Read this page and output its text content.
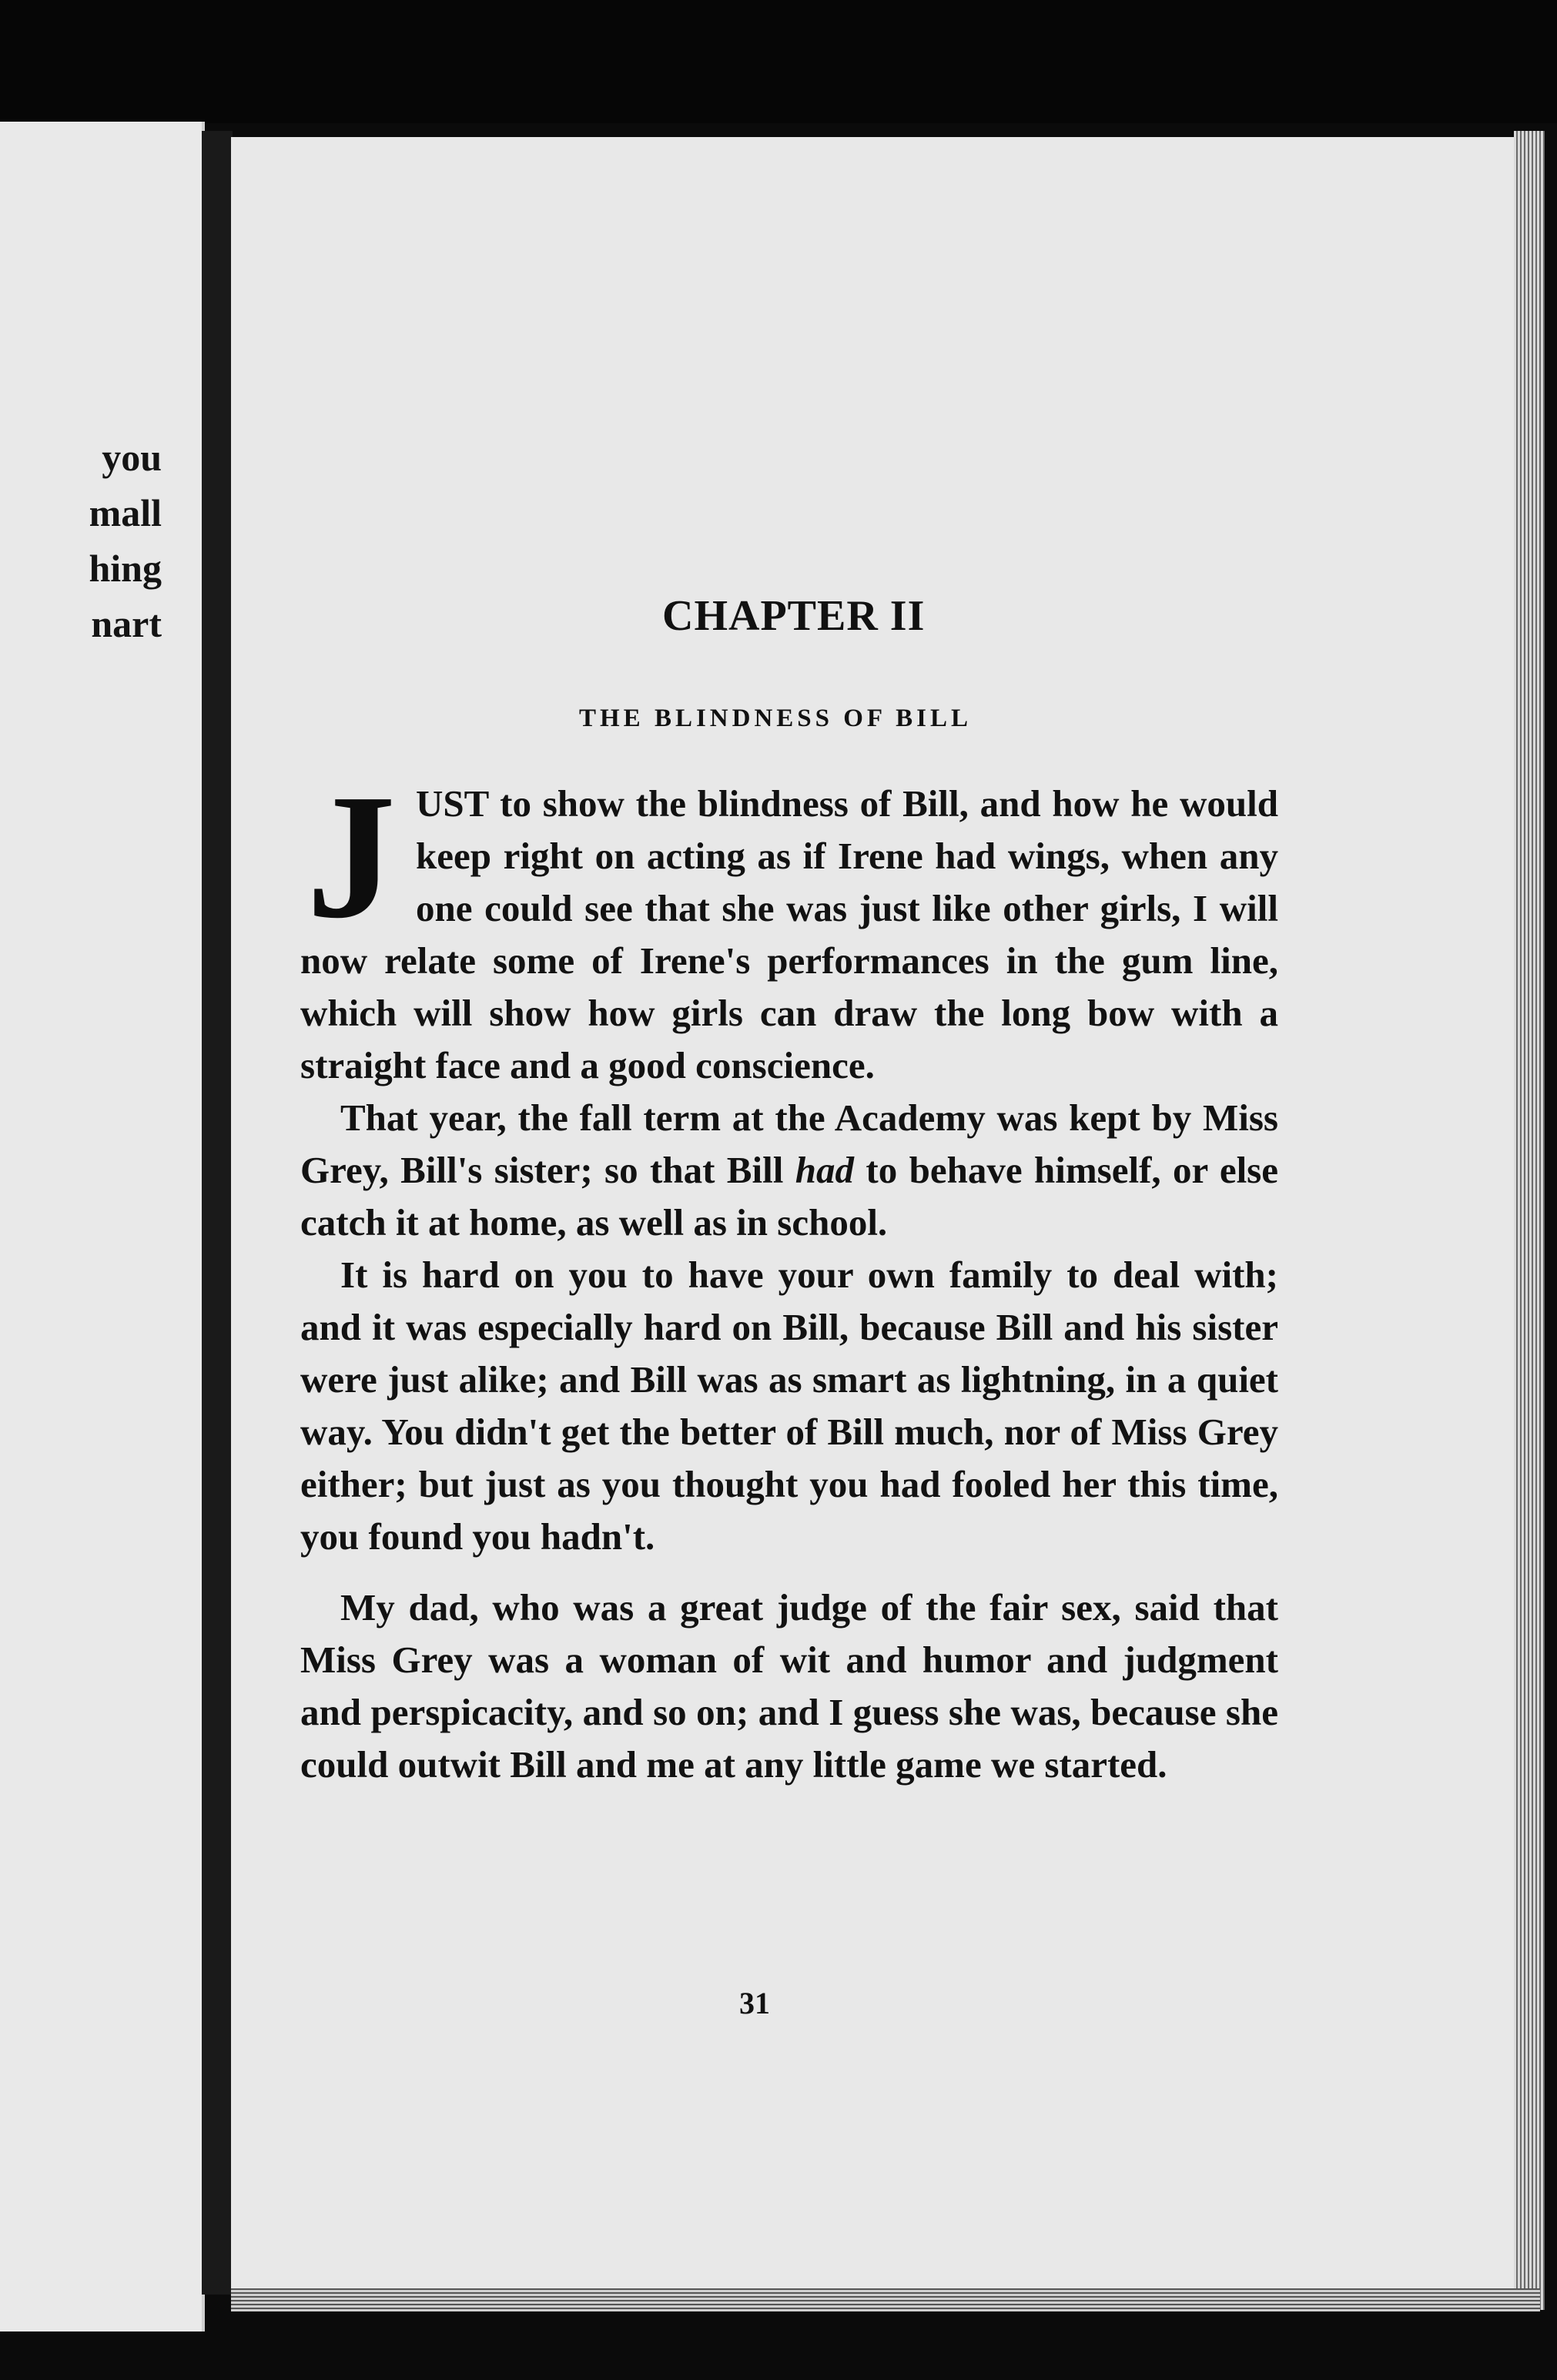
you
mall
hing
nart	CHAPTER II
THE BLINDNESS OF BILL

JUST to show the blindness of Bill, and how he would keep right on acting as if Irene had wings, when any one could see that she was just like other girls, I will now relate some of Irene's performances in the gum line, which will show how girls can draw the long bow with a straight face and a good conscience.

That year, the fall term at the Academy was kept by Miss Grey, Bill's sister; so that Bill had to behave himself, or else catch it at home, as well as in school.

It is hard on you to have your own family to deal with; and it was especially hard on Bill, because Bill and his sister were just alike; and Bill was as smart as lightning, in a quiet way. You didn't get the better of Bill much, nor of Miss Grey either; but just as you thought you had fooled her this time, you found you hadn't.

My dad, who was a great judge of the fair sex, said that Miss Grey was a woman of wit and humor and judgment and perspicacity, and so on; and I guess she was, because she could outwit Bill and me at any little game we started.

31
